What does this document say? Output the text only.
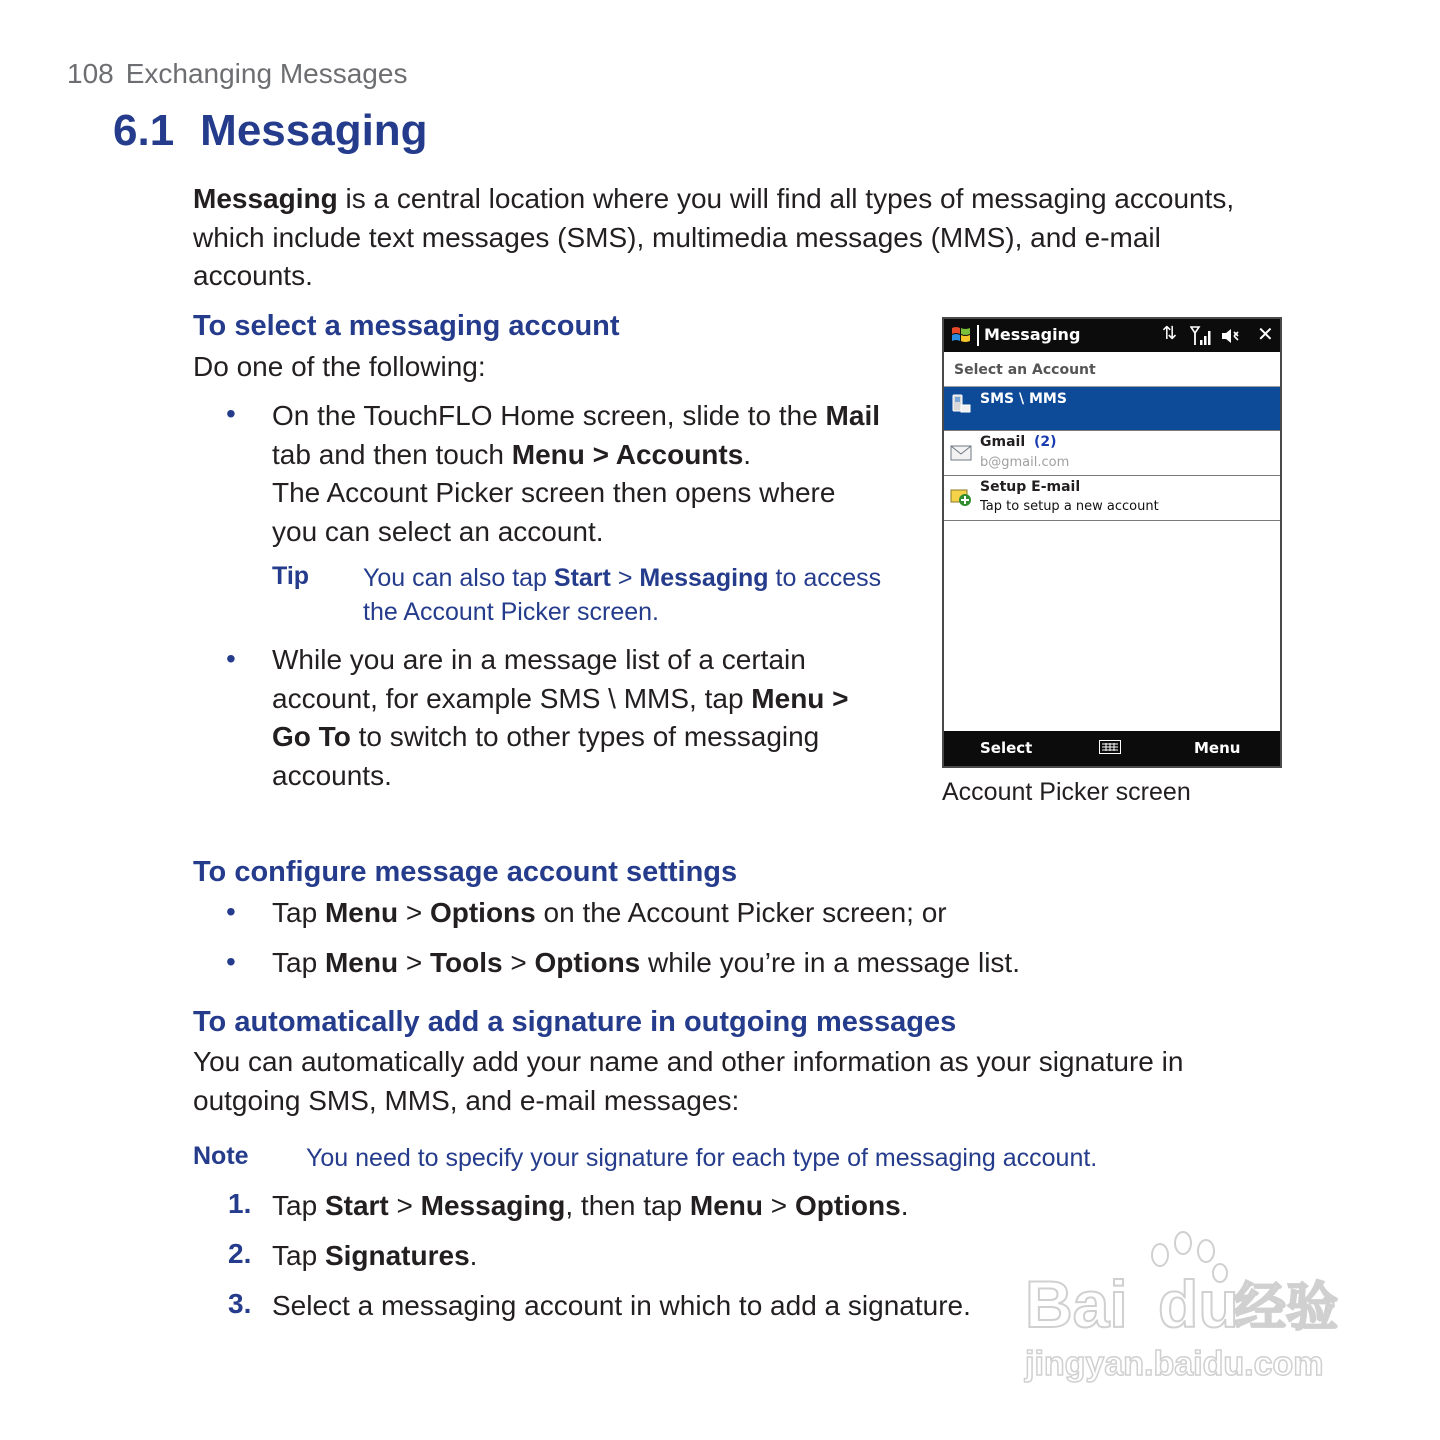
108 Exchanging Messages
6.1 Messaging
Messaging is a central location where you will find all types of messaging accounts,
which include text messages (SMS), multimedia messages (MMS), and e-mail
accounts.
To select a messaging account
Do one of the following:
• On the TouchFLO Home screen, slide to the Mail
tab and then touch Menu > Accounts.
The Account Picker screen then opens where
you can select an account.
Tip You can also tap Start > Messaging to access
the Account Picker screen.
• While you are in a message list of a certain
account, for example SMS \ MMS, tap Menu >
Go To to switch to other types of messaging
accounts.
Messaging	⇅	✕
Select an Account
SMS \ MMS
Gmail (2)
b@gmail.com
Setup E-mail
Tap to setup a new account
Select	Menu
Account Picker screen
To configure message account settings
• Tap Menu > Options on the Account Picker screen; or
• Tap Menu > Tools > Options while you’re in a message list.
To automatically add a signature in outgoing messages
You can automatically add your name and other information as your signature in
outgoing SMS, MMS, and e-mail messages:
Note You need to specify your signature for each type of messaging account.
1. Tap Start > Messaging, then tap Menu > Options.
2. Tap Signatures.
3. Select a messaging account in which to add a signature. Bai du
经验
jingyan.baidu.com
